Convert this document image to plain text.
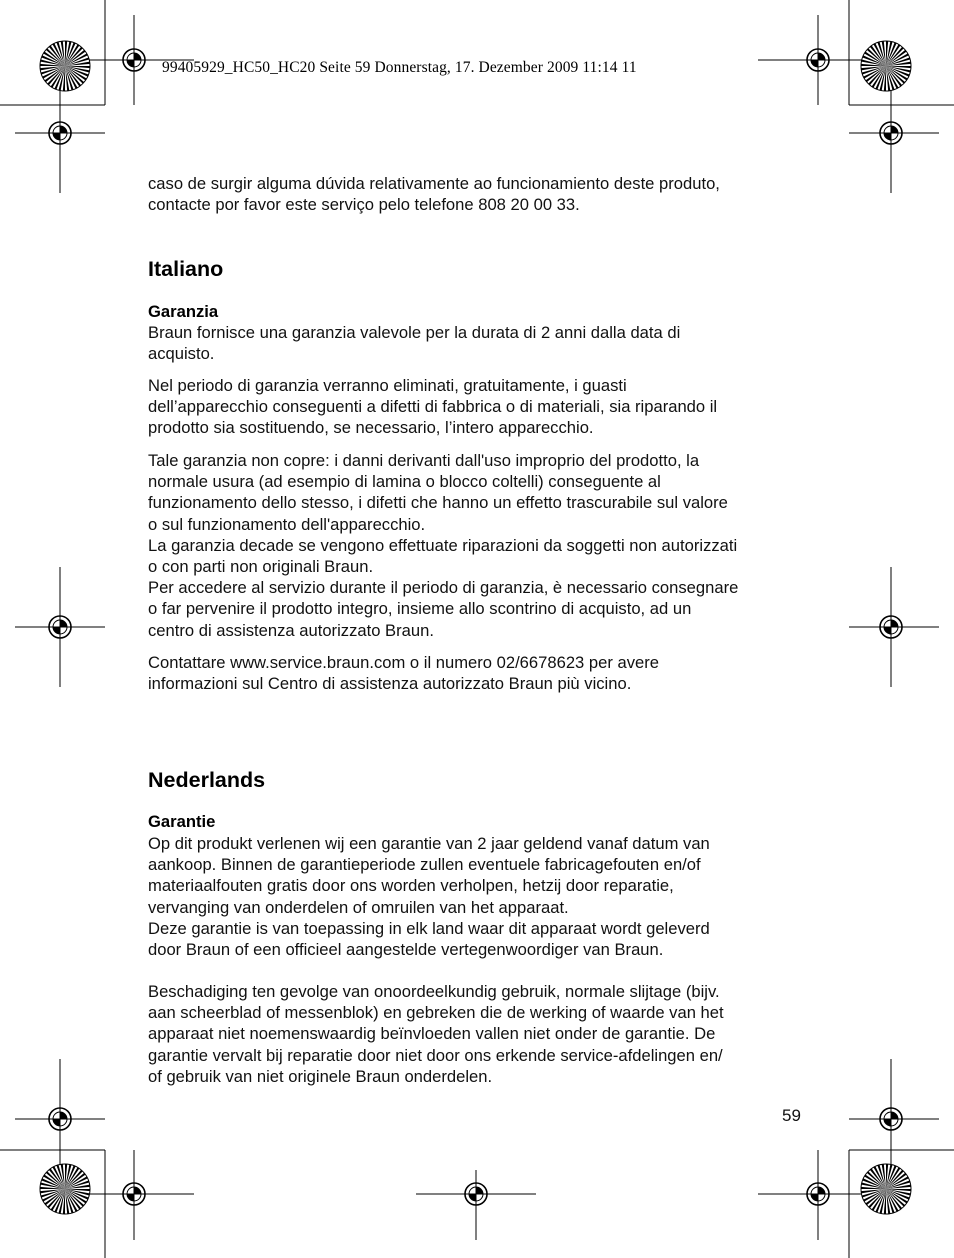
99405929_HC50_HC20 Seite 59 Donnerstag, 17. Dezember 2009 11:14 11

caso de surgir alguma dúvida relativamente ao funcionamiento deste produto,

contacte por favor este serviço pelo telefone 808 20 00 33.

Italiano
Garanzia

Braun fornisce una garanzia valevole per la durata di 2 anni dalla data di

acquisto.

Nel periodo di garanzia verranno eliminati, gratuitamente, i guasti

dell’apparecchio conseguenti a difetti di fabbrica o di materiali, sia riparando il

prodotto sia sostituendo, se necessario, l’intero apparecchio.

Tale garanzia non copre: i danni derivanti dall'uso improprio del prodotto, la

normale usura (ad esempio di lamina o blocco coltelli) conseguente al

funzionamento dello stesso, i difetti che hanno un effetto trascurabile sul valore

o sul funzionamento dell'apparecchio.

La garanzia decade se vengono effettuate riparazioni da soggetti non autorizzati

o con parti non originali Braun.

Per accedere al servizio durante il periodo di garanzia, è necessario consegnare

o far pervenire il prodotto integro, insieme allo scontrino di acquisto, ad un

centro di assistenza autorizzato Braun.

Contattare www.service.braun.com o il numero 02/6678623 per avere

informazioni sul Centro di assistenza autorizzato Braun più vicino.

Nederlands
Garantie

Op dit produkt verlenen wij een garantie van 2 jaar geldend vanaf datum van

aankoop. Binnen de garantieperiode zullen eventuele fabricagefouten en/of

materiaalfouten gratis door ons worden verholpen, hetzij door reparatie,

vervanging van onderdelen of omruilen van het apparaat.

Deze garantie is van toepassing in elk land waar dit apparaat wordt geleverd

door Braun of een officieel aangestelde vertegenwoordiger van Braun.

Beschadiging ten gevolge van onoordeelkundig gebruik, normale slijtage (bijv.

aan scheerblad of messenblok) en gebreken die de werking of waarde van het

apparaat niet noemenswaardig beïnvloeden vallen niet onder de garantie. De

garantie vervalt bij reparatie door niet door ons erkende service-afdelingen en/

of gebruik van niet originele Braun onderdelen.

59
